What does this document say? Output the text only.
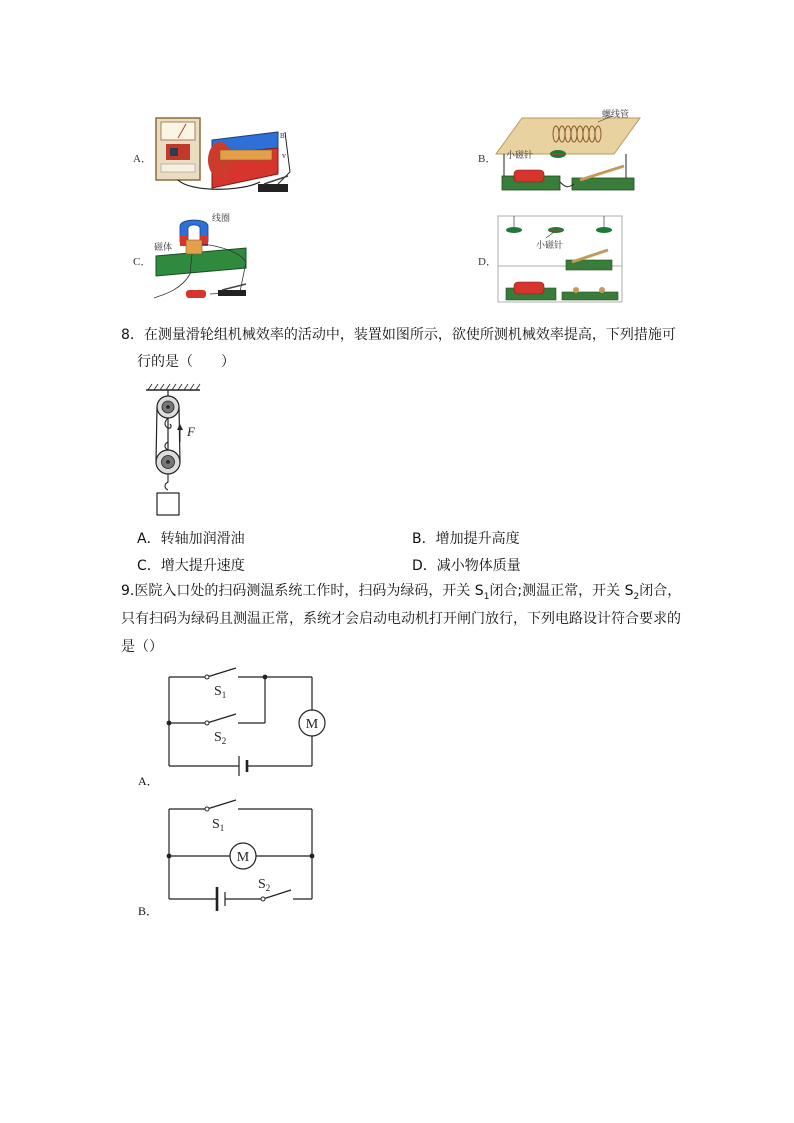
A．
B
v	B．
螺线管
小磁针
C．
线圈
磁体
D．
小磁针
8．在测量滑轮组机械效率的活动中，装置如图所示，欲使所测机械效率提高，下列措施可
行的是（　　）
F
A．转轴加润滑油	B．增加提升高度
C．增大提升速度	D．减小物体质量
9.医院入口处的扫码测温系统工作时，扫码为绿码，开关 $S_1$闭合;测温正常，开关 $S_2$闭合，
只有扫码为绿码且测温正常，系统才会启动电动机打开闸门放行，下列电路设计符合要求的
是（）
M
$S_1$
$S_2$
A．
M
$S_1$
$S_2$
B．
